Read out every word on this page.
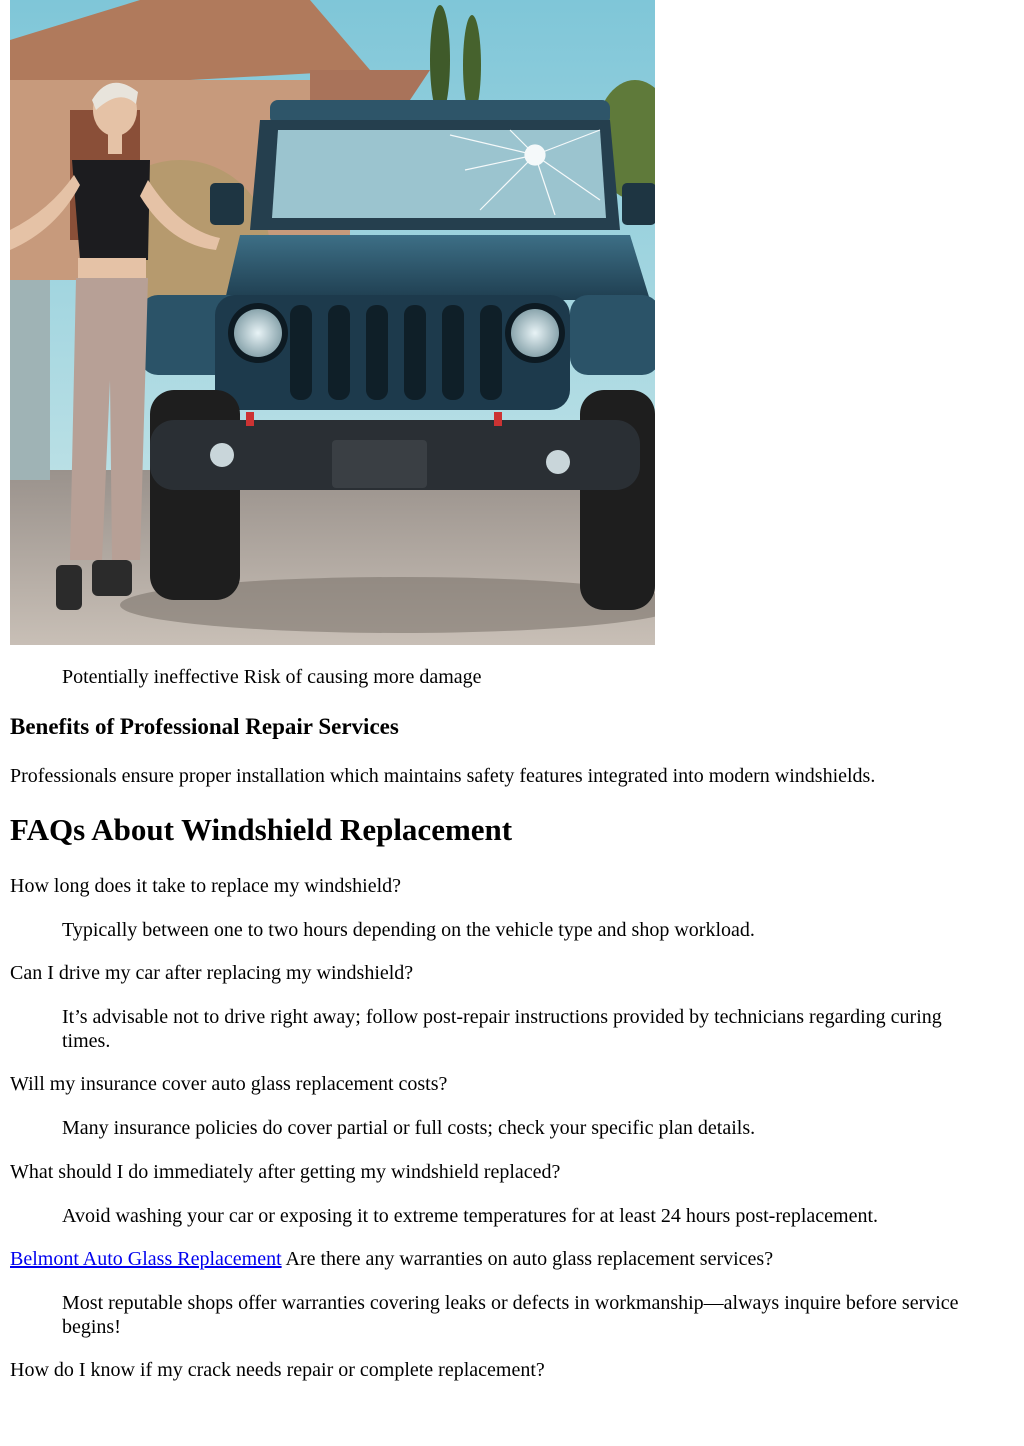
Potentially ineffective Risk of causing more damage

Benefits of Professional Repair Services

Professionals ensure proper installation which maintains safety features integrated into modern windshields.

FAQs About Windshield Replacement

How long does it take to replace my windshield?

Typically between one to two hours depending on the vehicle type and shop workload.

Can I drive my car after replacing my windshield?

It’s advisable not to drive right away; follow post-repair instructions provided by technicians regarding curing times.

Will my insurance cover auto glass replacement costs?

Many insurance policies do cover partial or full costs; check your specific plan details.

What should I do immediately after getting my windshield replaced?

Avoid washing your car or exposing it to extreme temperatures for at least 24 hours post-replacement.

Belmont Auto Glass Replacement Are there any warranties on auto glass replacement services?

Most reputable shops offer warranties covering leaks or defects in workmanship—always inquire before service begins!

How do I know if my crack needs repair or complete replacement?
